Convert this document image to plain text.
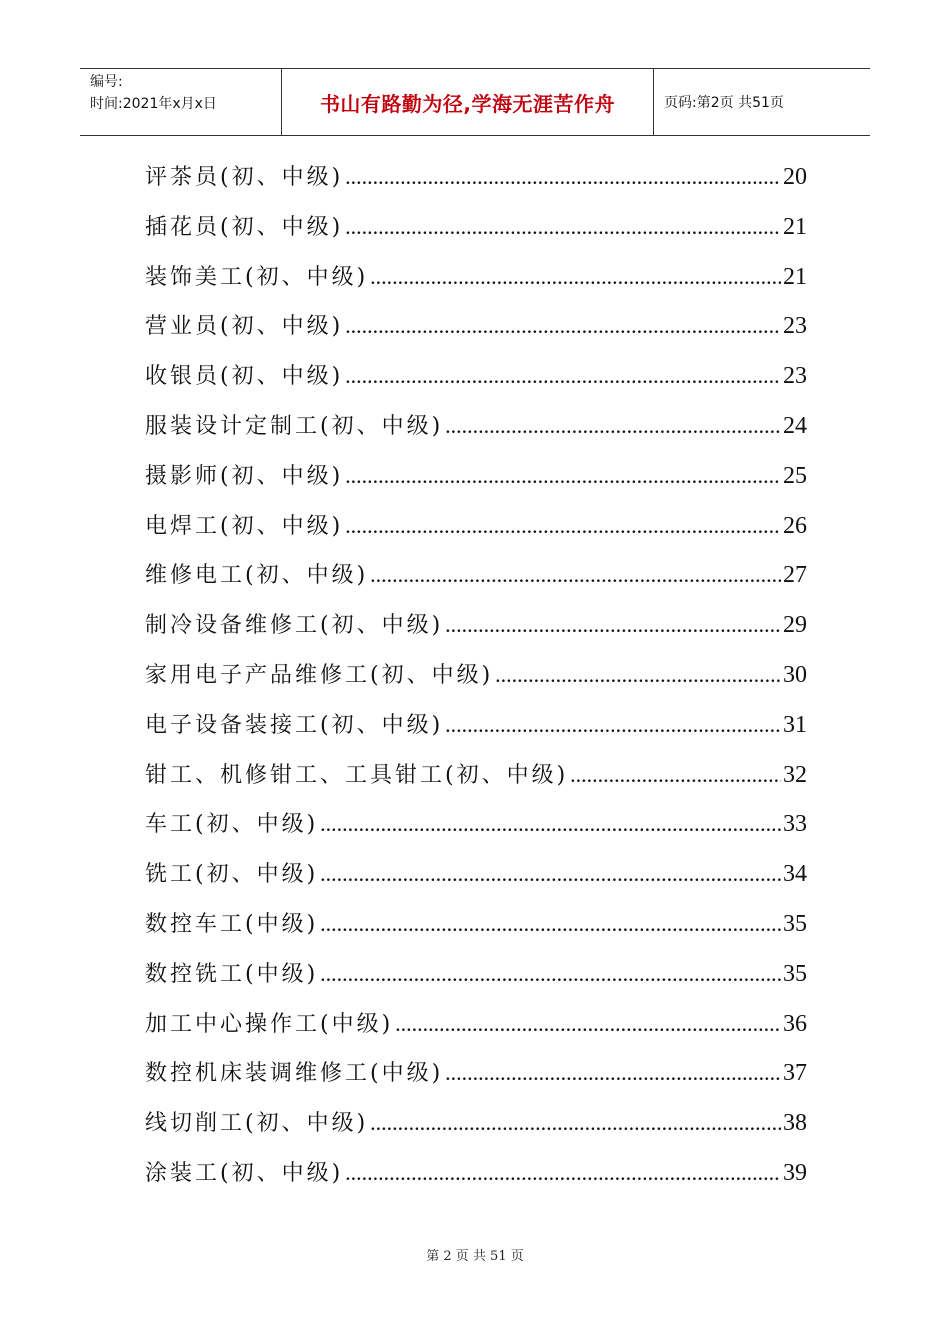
编号:
时间:2021年x月x日	书山有路勤为径,学海无涯苦作舟	页码:第2页 共51页
评茶员(初、中级) .....	20
插花员(初、中级) .....	21
装饰美工(初、中级) .....	21
营业员(初、中级) .....	23
收银员(初、中级) .....	23
服装设计定制工(初、中级) .....	24
摄影师(初、中级) .....	25
电焊工(初、中级) .....	26
维修电工(初、中级) .....	27
制冷设备维修工(初、中级) .....	29
家用电子产品维修工(初、中级) .....	30
电子设备装接工(初、中级) .....	31
钳工、机修钳工、工具钳工(初、中级) .....	32
车工(初、中级) .....	33
铣工(初、中级) .....	34
数控车工(中级) .....	35
数控铣工(中级) .....	35
加工中心操作工(中级) .....	36
数控机床装调维修工(中级) .....	37
线切削工(初、中级) .....	38
涂装工(初、中级) .....	39
第 2 页 共 51 页
